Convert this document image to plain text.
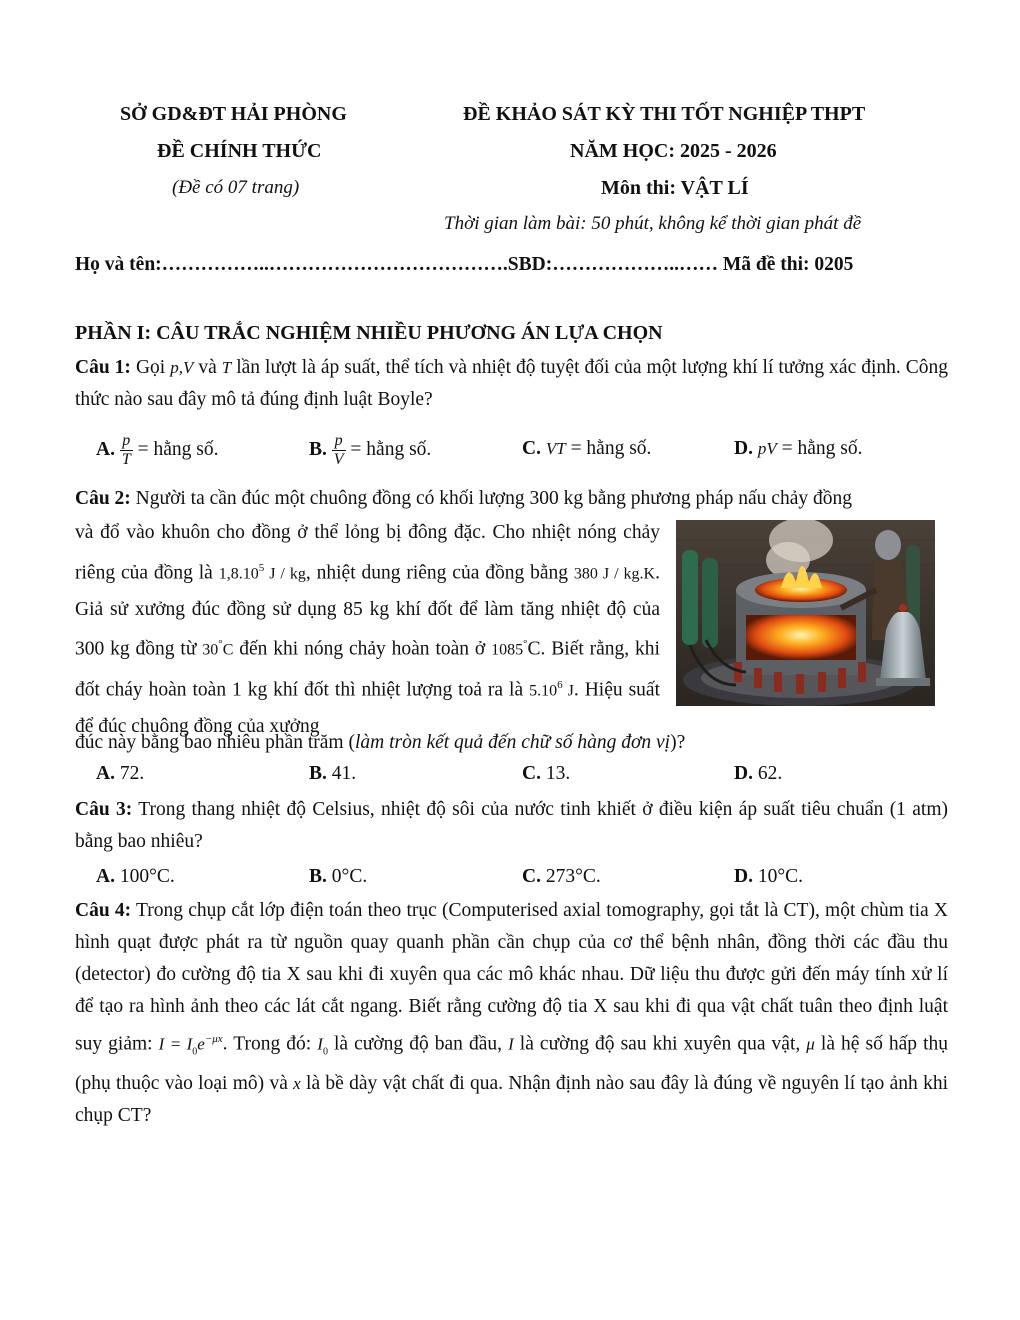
SỞ GD&ĐT HẢI PHÒNG
ĐỀ CHÍNH THỨC
(Đề có 07 trang)
ĐỀ KHẢO SÁT KỲ THI TỐT NGHIỆP THPT
NĂM HỌC: 2025 - 2026
Môn thi: VẬT LÍ
Thời gian làm bài: 50 phút, không kể thời gian phát đề
Họ và tên:……………..……………………………….SBD:………………..…… Mã đề thi: 0205
PHẦN I: CÂU TRẮC NGHIỆM NHIỀU PHƯƠNG ÁN LỰA CHỌN
Câu 1: Gọi p,V và T lần lượt là áp suất, thể tích và nhiệt độ tuyệt đối của một lượng khí lí tưởng xác định. Công thức nào sau đây mô tả đúng định luật Boyle?
A. $\frac{p}{T}$ = hằng số.	B. $\frac{p}{V}$ = hằng số.	C. VT = hằng số.	D. pV = hằng số.
Câu 2: Người ta cần đúc một chuông đồng có khối lượng 300 kg bằng phương pháp nấu chảy đồng
và đổ vào khuôn cho đồng ở thể lỏng bị đông đặc. Cho nhiệt nóng chảy riêng của đồng là 1,8.10$^5$ J / kg, nhiệt dung riêng của đồng bằng 380 J / kg.K. Giả sử xưởng đúc đồng sử dụng 85 kg khí đốt để làm tăng nhiệt độ của 300 kg đồng từ 30°C đến khi nóng chảy hoàn toàn ở 1085°C. Biết rằng, khi đốt cháy hoàn toàn 1 kg khí đốt thì nhiệt lượng toả ra là 5.10$^6$ J. Hiệu suất để đúc chuông đồng của xưởng
đúc này bằng bao nhiêu phần trăm (làm tròn kết quả đến chữ số hàng đơn vị)?
A. 72.	B. 41.	C. 13.	D. 62.
Câu 3: Trong thang nhiệt độ Celsius, nhiệt độ sôi của nước tinh khiết ở điều kiện áp suất tiêu chuẩn (1 atm) bằng bao nhiêu?
A. 100°C.	B. 0°C.	C. 273°C.	D. 10°C.
Câu 4: Trong chụp cắt lớp điện toán theo trục (Computerised axial tomography, gọi tắt là CT), một chùm tia X hình quạt được phát ra từ nguồn quay quanh phần cần chụp của cơ thể bệnh nhân, đồng thời các đầu thu (detector) đo cường độ tia X sau khi đi xuyên qua các mô khác nhau. Dữ liệu thu được gửi đến máy tính xử lí để tạo ra hình ảnh theo các lát cắt ngang. Biết rằng cường độ tia X sau khi đi qua vật chất tuân theo định luật suy giảm: $I = I_0e^{-\mu x}$. Trong đó: $I_0$ là cường độ ban đầu, I là cường độ sau khi xuyên qua vật, μ là hệ số hấp thụ (phụ thuộc vào loại mô) và x là bề dày vật chất đi qua. Nhận định nào sau đây là đúng về nguyên lí tạo ảnh khi chụp CT?
